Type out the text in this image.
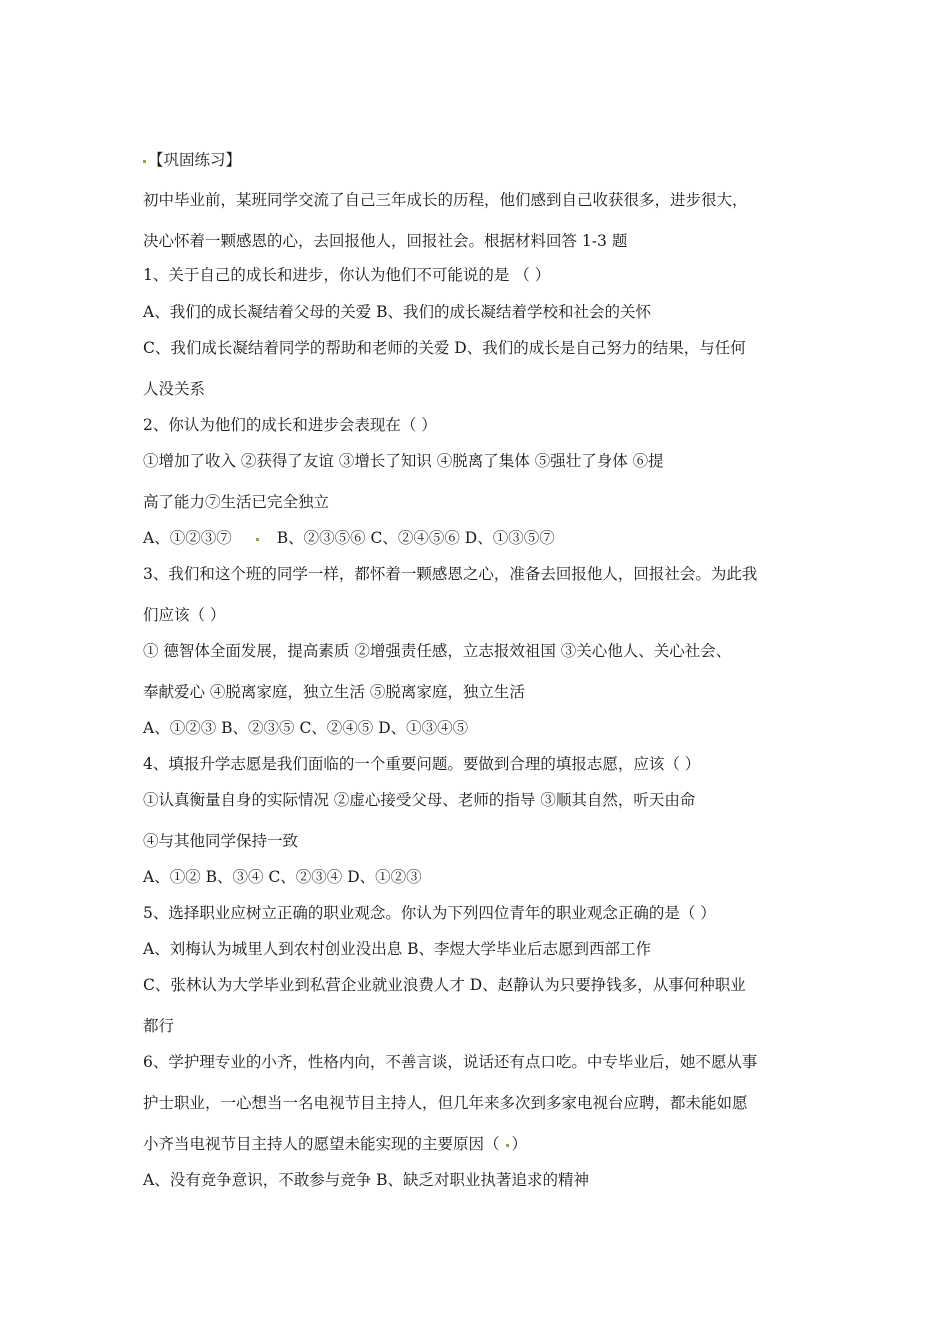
【巩固练习】
初中毕业前，某班同学交流了自己三年成长的历程，他们感到自己收获很多，进步很大，
决心怀着一颗感恩的心，去回报他人，回报社会。根据材料回答 1-3 题
1、关于自己的成长和进步，你认为他们不可能说的是 （ ）
A、我们的成长凝结着父母的关爱 B、我们的成长凝结着学校和社会的关怀
C、我们成长凝结着同学的帮助和老师的关爱 D、我们的成长是自己努力的结果，与任何
人没关系
2、你认为他们的成长和进步会表现在（ ）
①增加了收入 ②获得了友谊 ③增长了知识 ④脱离了集体 ⑤强壮了身体 ⑥提
高了能力⑦生活已完全独立
A、①②③⑦	B、②③⑤⑥ C、②④⑤⑥ D、①③⑤⑦
3、我们和这个班的同学一样，都怀着一颗感恩之心，准备去回报他人，回报社会。为此我
们应该（ ）
① 德智体全面发展，提高素质 ②增强责任感，立志报效祖国 ③关心他人、关心社会、
奉献爱心 ④脱离家庭，独立生活 ⑤脱离家庭，独立生活
A、①②③ B、②③⑤ C、②④⑤ D、①③④⑤
4、填报升学志愿是我们面临的一个重要问题。要做到合理的填报志愿，应该（ ）
①认真衡量自身的实际情况 ②虚心接受父母、老师的指导 ③顺其自然，听天由命
④与其他同学保持一致
A、①② B、③④ C、②③④ D、①②③
5、选择职业应树立正确的职业观念。你认为下列四位青年的职业观念正确的是（ ）
A、刘梅认为城里人到农村创业没出息 B、李煜大学毕业后志愿到西部工作
C、张林认为大学毕业到私营企业就业浪费人才 D、赵静认为只要挣钱多，从事何种职业
都行
6、学护理专业的小齐，性格内向，不善言谈，说话还有点口吃。中专毕业后，她不愿从事
护士职业，一心想当一名电视节目主持人，但几年来多次到多家电视台应聘，都未能如愿
小齐当电视节目主持人的愿望未能实现的主要原因（ ）
A、没有竞争意识，不敢参与竞争 B、缺乏对职业执著追求的精神
